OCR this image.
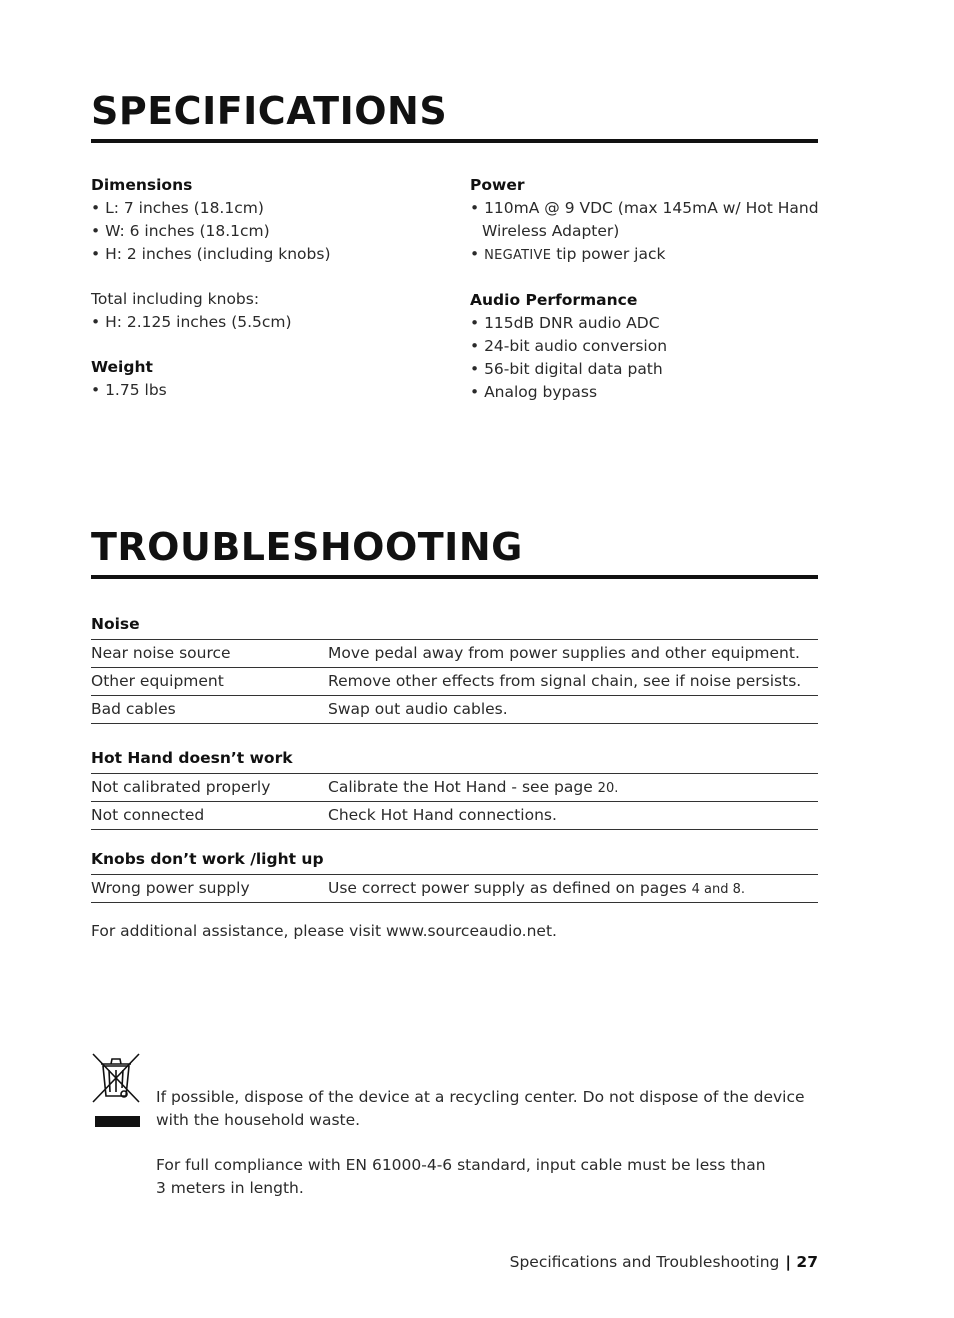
SPECIFICATIONS
Dimensions
• L: 7 inches (18.1cm)
• W: 6 inches (18.1cm)
• H: 2 inches (including knobs)
Total including knobs:
• H: 2.125 inches (5.5cm)
Weight
• 1.75 lbs
Power
• 110mA @ 9 VDC (max 145mA w/ Hot Hand
Wireless Adapter)
• NEGATIVE tip power jack
Audio Performance
• 115dB DNR audio ADC
• 24-bit audio conversion
• 56-bit digital data path
• Analog bypass
TROUBLESHOOTING
Noise
Near noise source	Move pedal away from power supplies and other equipment.
Other equipment	Remove other effects from signal chain, see if noise persists.
Bad cables	Swap out audio cables.
Hot Hand doesn’t work
Not calibrated properly	Calibrate the Hot Hand - see page 20.
Not connected	Check Hot Hand connections.
Knobs don’t work /light up
Wrong power supply	Use correct power supply as defined on pages 4 and 8.
For additional assistance, please visit www.sourceaudio.net.
If possible, dispose of the device at a recycling center. Do not dispose of the device
with the household waste.
For full compliance with EN 61000-4-6 standard, input cable must be less than
3 meters in length.
Specifications and Troubleshooting | 27
